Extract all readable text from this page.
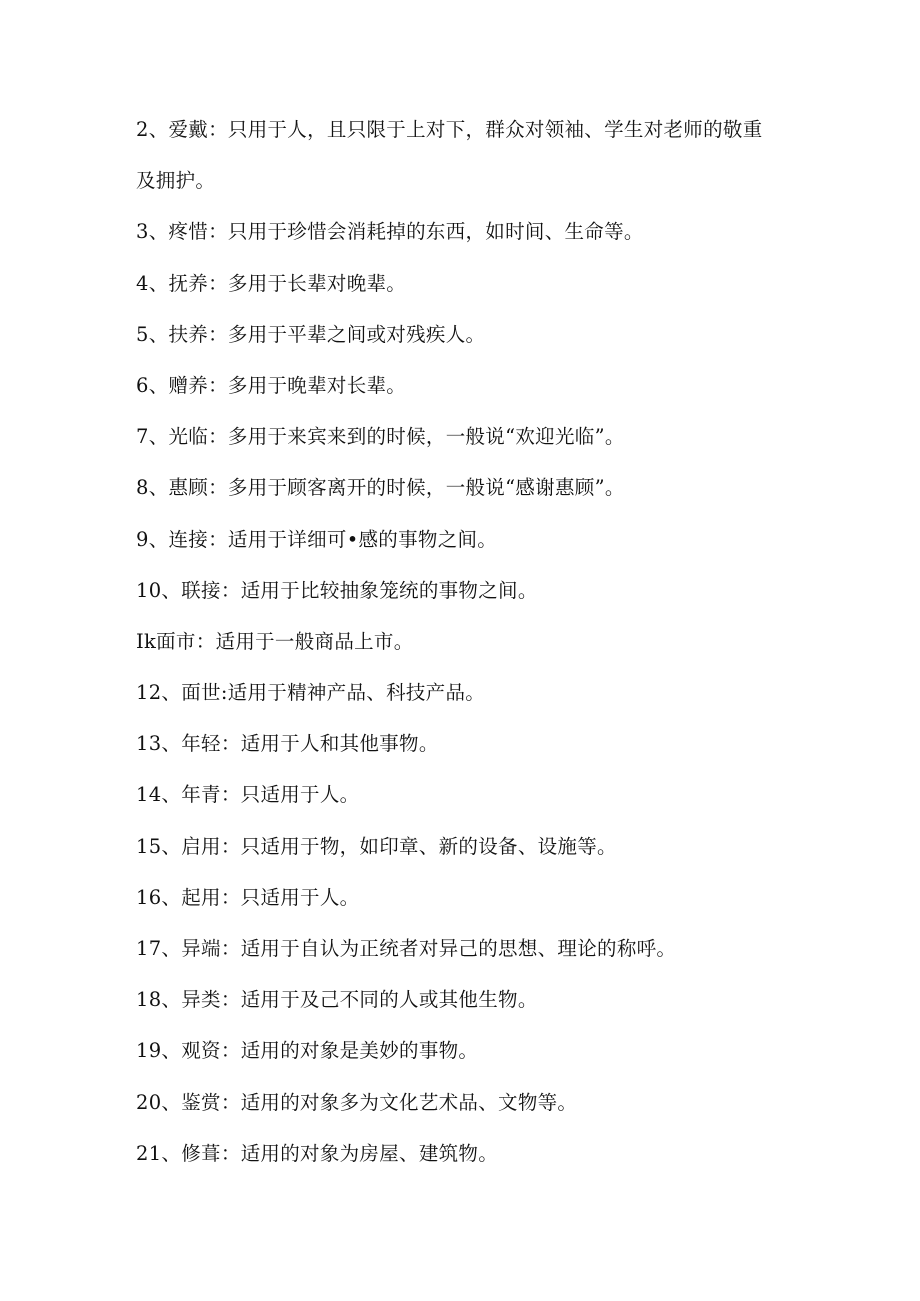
2、爱戴：只用于人，且只限于上对下，群众对领袖、学生对老师的敬重
及拥护。
3、疼惜：只用于珍惜会消耗掉的东西，如时间、生命等。
4、抚养：多用于长辈对晚辈。
5、扶养：多用于平辈之间或对残疾人。
6、赠养：多用于晚辈对长辈。
7、光临：多用于来宾来到的时候，一般说“欢迎光临”。
8、惠顾：多用于顾客离开的时候，一般说“感谢惠顾”。
9、连接：适用于详细可•感的事物之间。
10、联接：适用于比较抽象笼统的事物之间。
Ik面市：适用于一般商品上市。
12、面世:适用于精神产品、科技产品。
13、年轻：适用于人和其他事物。
14、年青：只适用于人。
15、启用：只适用于物，如印章、新的设备、设施等。
16、起用：只适用于人。
17、异端：适用于自认为正统者对异己的思想、理论的称呼。
18、异类：适用于及己不同的人或其他生物。
19、观资：适用的对象是美妙的事物。
20、鉴赏：适用的对象多为文化艺术品、文物等。
21、修葺：适用的对象为房屋、建筑物。
